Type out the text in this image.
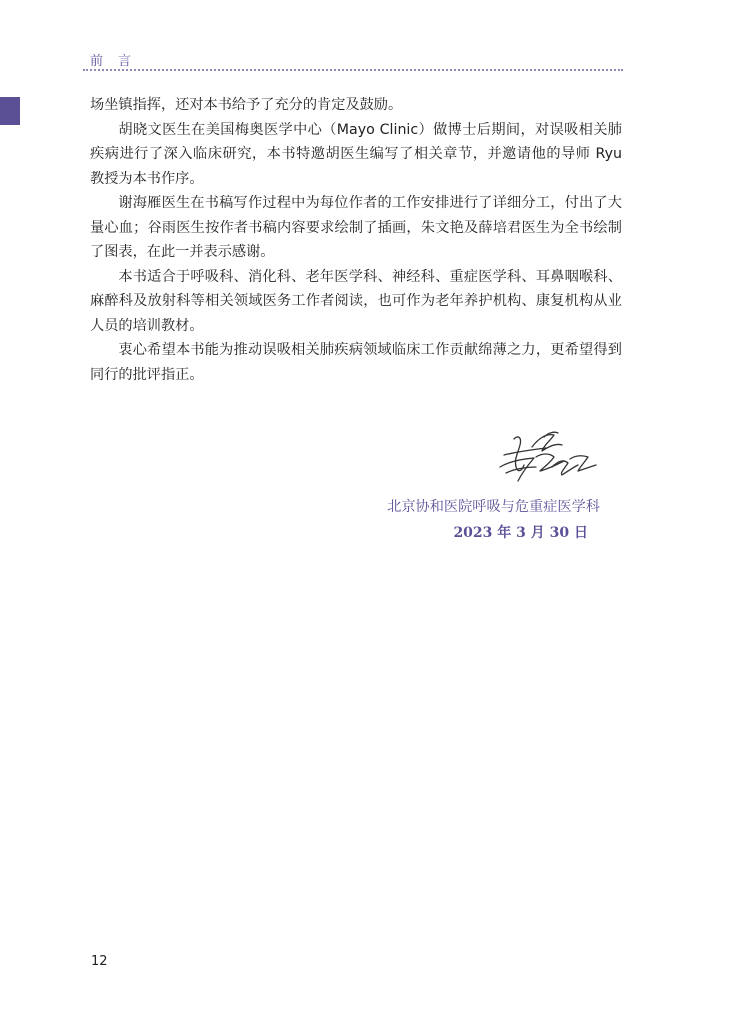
前言

场坐镇指挥，还对本书给予了充分的肯定及鼓励。

胡晓文医生在美国梅奥医学中心（Mayo Clinic）做博士后期间，对误吸相关肺疾病进行了深入临床研究，本书特邀胡医生编写了相关章节，并邀请他的导师 Ryu 教授为本书作序。

谢海雁医生在书稿写作过程中为每位作者的工作安排进行了详细分工，付出了大量心血；谷雨医生按作者书稿内容要求绘制了插画，朱文艳及薛培君医生为全书绘制了图表，在此一并表示感谢。

本书适合于呼吸科、消化科、老年医学科、神经科、重症医学科、耳鼻咽喉科、麻醉科及放射科等相关领域医务工作者阅读，也可作为老年养护机构、康复机构从业人员的培训教材。

衷心希望本书能为推动误吸相关肺疾病领域临床工作贡献绵薄之力，更希望得到同行的批评指正。

北京协和医院呼吸与危重症医学科
2023 年 3 月 30 日
12
